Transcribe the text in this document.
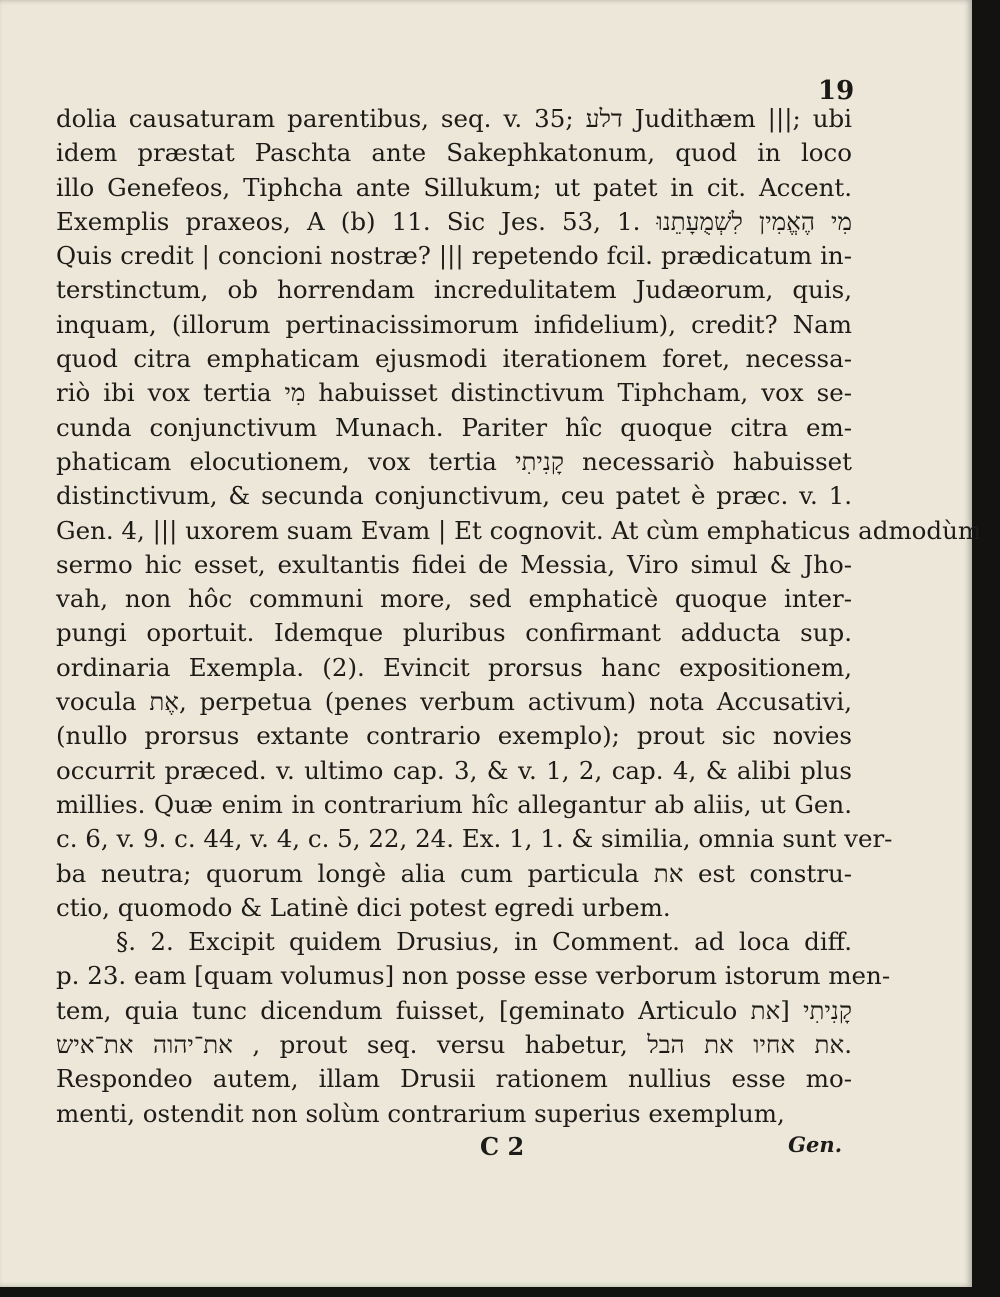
19
dolia causaturam parentibus, seq. v. 35; דלע Judithæm |||; ubi
idem præstat Paschta ante Sakephkatonum, quod in loco
illo Genefeos, Tiphcha ante Sillukum; ut patet in cit. Accent.
Exemplis praxeos, A (b) 11. Sic Jes. 53, 1. מִי הֶאֱמִין לִשְׁמֻעָתֵנוּ
Quis credit | concioni nostræ? ||| repetendo fcil. prædicatum in-
terstinctum, ob horrendam incredulitatem Judæorum, quis,
inquam, (illorum pertinacissimorum infidelium), credit? Nam
quod citra emphaticam ejusmodi iterationem foret, necessa-
riò ibi vox tertia מִי habuisset distinctivum Tiphcham, vox se-
cunda conjunctivum Munach. Pariter hîc quoque citra em-
phaticam elocutionem, vox tertia קָנִיתִי necessariò habuisset
distinctivum, & secunda conjunctivum, ceu patet è præc. v. 1.
Gen. 4, ||| uxorem suam Evam | Et cognovit. At cùm emphaticus admodùm
sermo hic esset, exultantis fidei de Messia, Viro simul & Jho-
vah, non hôc communi more, sed emphaticè quoque inter-
pungi oportuit. Idemque pluribus confirmant adducta sup.
ordinaria Exempla. (2). Evincit prorsus hanc expositionem,
vocula אֶת, perpetua (penes verbum activum) nota Accusativi,
(nullo prorsus extante contrario exemplo); prout sic novies
occurrit præced. v. ultimo cap. 3, & v. 1, 2, cap. 4, & alibi plus
millies. Quæ enim in contrarium hîc allegantur ab aliis, ut Gen.
c. 6, v. 9. c. 44, v. 4, c. 5, 22, 24. Ex. 1, 1. & similia, omnia sunt ver-
ba neutra; quorum longè alia cum particula את est constru-
ctio, quomodo & Latinè dici potest egredi urbem.
§. 2. Excipit quidem Drusius, in Comment. ad loca diff.
p. 23. eam [quam volumus] non posse esse verborum istorum men-
tem, quia tunc dicendum fuisset, [geminato Articulo את] קָנִיתִי
את־יהוה את־איש , prout seq. versu habetur, את אחיו את הבל.
Respondeo autem, illam Drusii rationem nullius esse mo-
menti, ostendit non solùm contrarium superius exemplum,
C 2	Gen.
